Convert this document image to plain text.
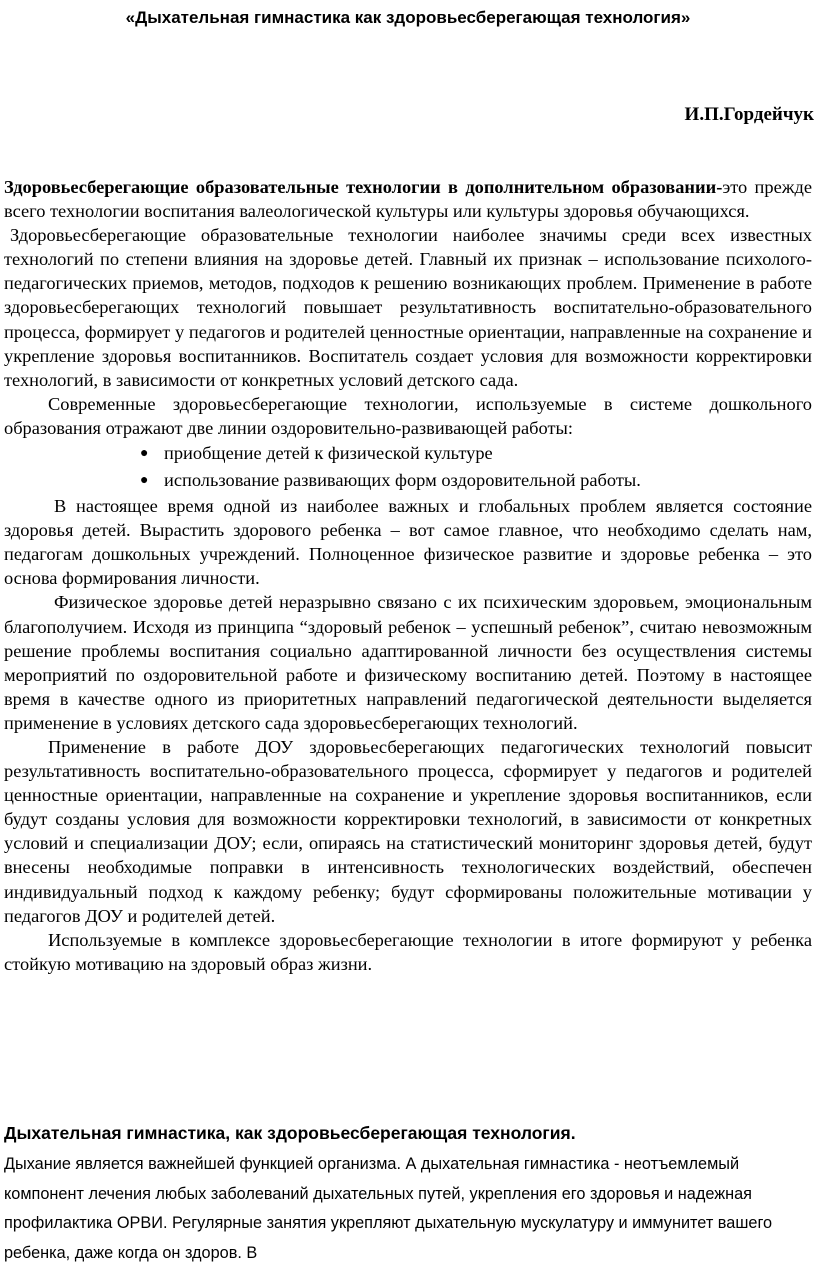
«Дыхательная гимнастика как здоровьесберегающая технология»
И.П.Гордейчук

Здоровьесберегающие образовательные технологии в дополнительном образовании-это прежде всего технологии воспитания валеологической культуры или культуры здоровья обучающихся.

Здоровьесберегающие образовательные технологии наиболее значимы среди всех известных технологий по степени влияния на здоровье детей. Главный их признак – использование психолого-педагогических приемов, методов, подходов к решению возникающих проблем. Применение в работе здоровьесберегающих технологий повышает результативность воспитательно-образовательного процесса, формирует у педагогов и родителей ценностные ориентации, направленные на сохранение и укрепление здоровья воспитанников. Воспитатель создает условия для возможности корректировки технологий, в зависимости от конкретных условий детского сада.

Современные здоровьесберегающие технологии, используемые в системе дошкольного образования отражают две линии оздоровительно-развивающей работы:

● приобщение детей к физической культуре
● использование развивающих форм оздоровительной работы.

В настоящее время одной из наиболее важных и глобальных проблем является состояние здоровья детей. Вырастить здорового ребенка – вот самое главное, что необходимо сделать нам, педагогам дошкольных учреждений. Полноценное физическое развитие и здоровье ребенка – это основа формирования личности.

Физическое здоровье детей неразрывно связано с их психическим здоровьем, эмоциональным благополучием. Исходя из принципа “здоровый ребенок – успешный ребенок”, считаю невозможным решение проблемы воспитания социально адаптированной личности без осуществления системы мероприятий по оздоровительной работе и физическому воспитанию детей. Поэтому в настоящее время в качестве одного из приоритетных направлений педагогической деятельности выделяется применение в условиях детского сада здоровьесберегающих технологий.

Применение в работе ДОУ здоровьесберегающих педагогических технологий повысит результативность воспитательно-образовательного процесса, сформирует у педагогов и родителей ценностные ориентации, направленные на сохранение и укрепление здоровья воспитанников, если будут созданы условия для возможности корректировки технологий, в зависимости от конкретных условий и специализации ДОУ; если, опираясь на статистический мониторинг здоровья детей, будут внесены необходимые поправки в интенсивность технологических воздействий, обеспечен индивидуальный подход к каждому ребенку; будут сформированы положительные мотивации у педагогов ДОУ и родителей детей.

Используемые в комплексе здоровьесберегающие технологии в итоге формируют у ребенка стойкую мотивацию на здоровый образ жизни.

Дыхательная гимнастика, как здоровьесберегающая технология.

Дыхание является важнейшей функцией организма. А дыхательная гимнастика - неотъемлемый компонент лечения любых заболеваний дыхательных путей, укрепления его здоровья и надежная профилактика ОРВИ. Регулярные занятия укрепляют дыхательную мускулатуру и иммунитет вашего ребенка, даже когда он здоров. В
